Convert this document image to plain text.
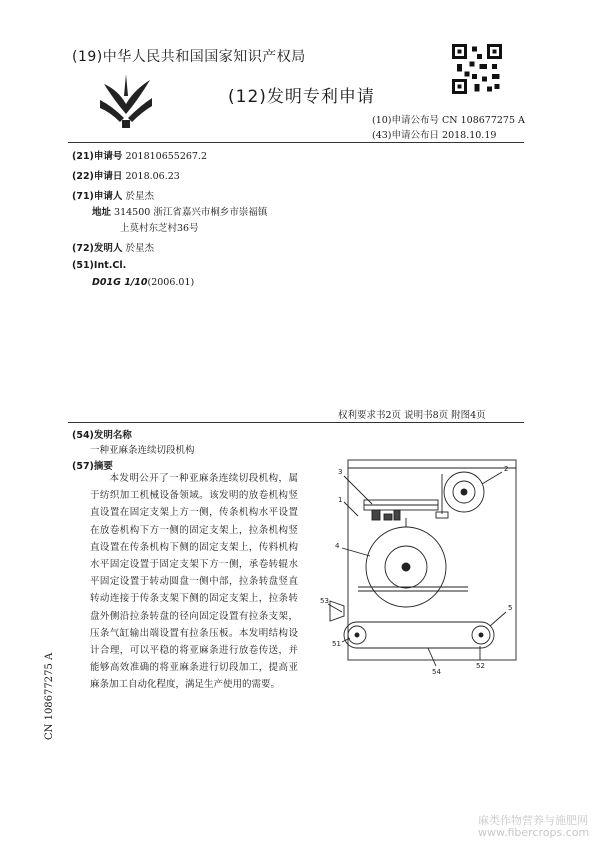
(19)中华人民共和国国家知识产权局
(12)发明专利申请
(10)申请公布号 CN 108677275 A
(43)申请公布日 2018.10.19
(21)申请号 201810655267.2
(22)申请日 2018.06.23
(71)申请人 於星杰
地址 314500 浙江省嘉兴市桐乡市崇福镇
上莫村东芝村36号
(72)发明人 於星杰
(51)Int.Cl.
D01G 1/10(2006.01)
权利要求书2页 说明书8页 附图4页
(54)发明名称
一种亚麻条连续切段机构
(57)摘要
本发明公开了一种亚麻条连续切段机构，属于纺织加工机械设备领域。该发明的放卷机构竖直设置在固定支架上方一侧，传条机构水平设置在放卷机构下方一侧的固定支架上，拉条机构竖直设置在传条机构下侧的固定支架上，传料机构水平固定设置于固定支架下方一侧，承卷转辊水平固定设置于转动圆盘一侧中部，拉条转盘竖直转动连接于传条支架下侧的固定支架上，拉条转盘外侧沿拉条转盘的径向固定设置有拉条支架，压条气缸输出端设置有拉条压板。本发明结构设计合理，可以平稳的将亚麻条进行放卷传送，并能够高效准确的将亚麻条进行切段加工，提高亚麻条加工自动化程度，满足生产使用的需要。
1
2
3
4
5
51
52
53
54
CN 108677275 A
麻类作物营养与施肥网
www.fibercrops.com
